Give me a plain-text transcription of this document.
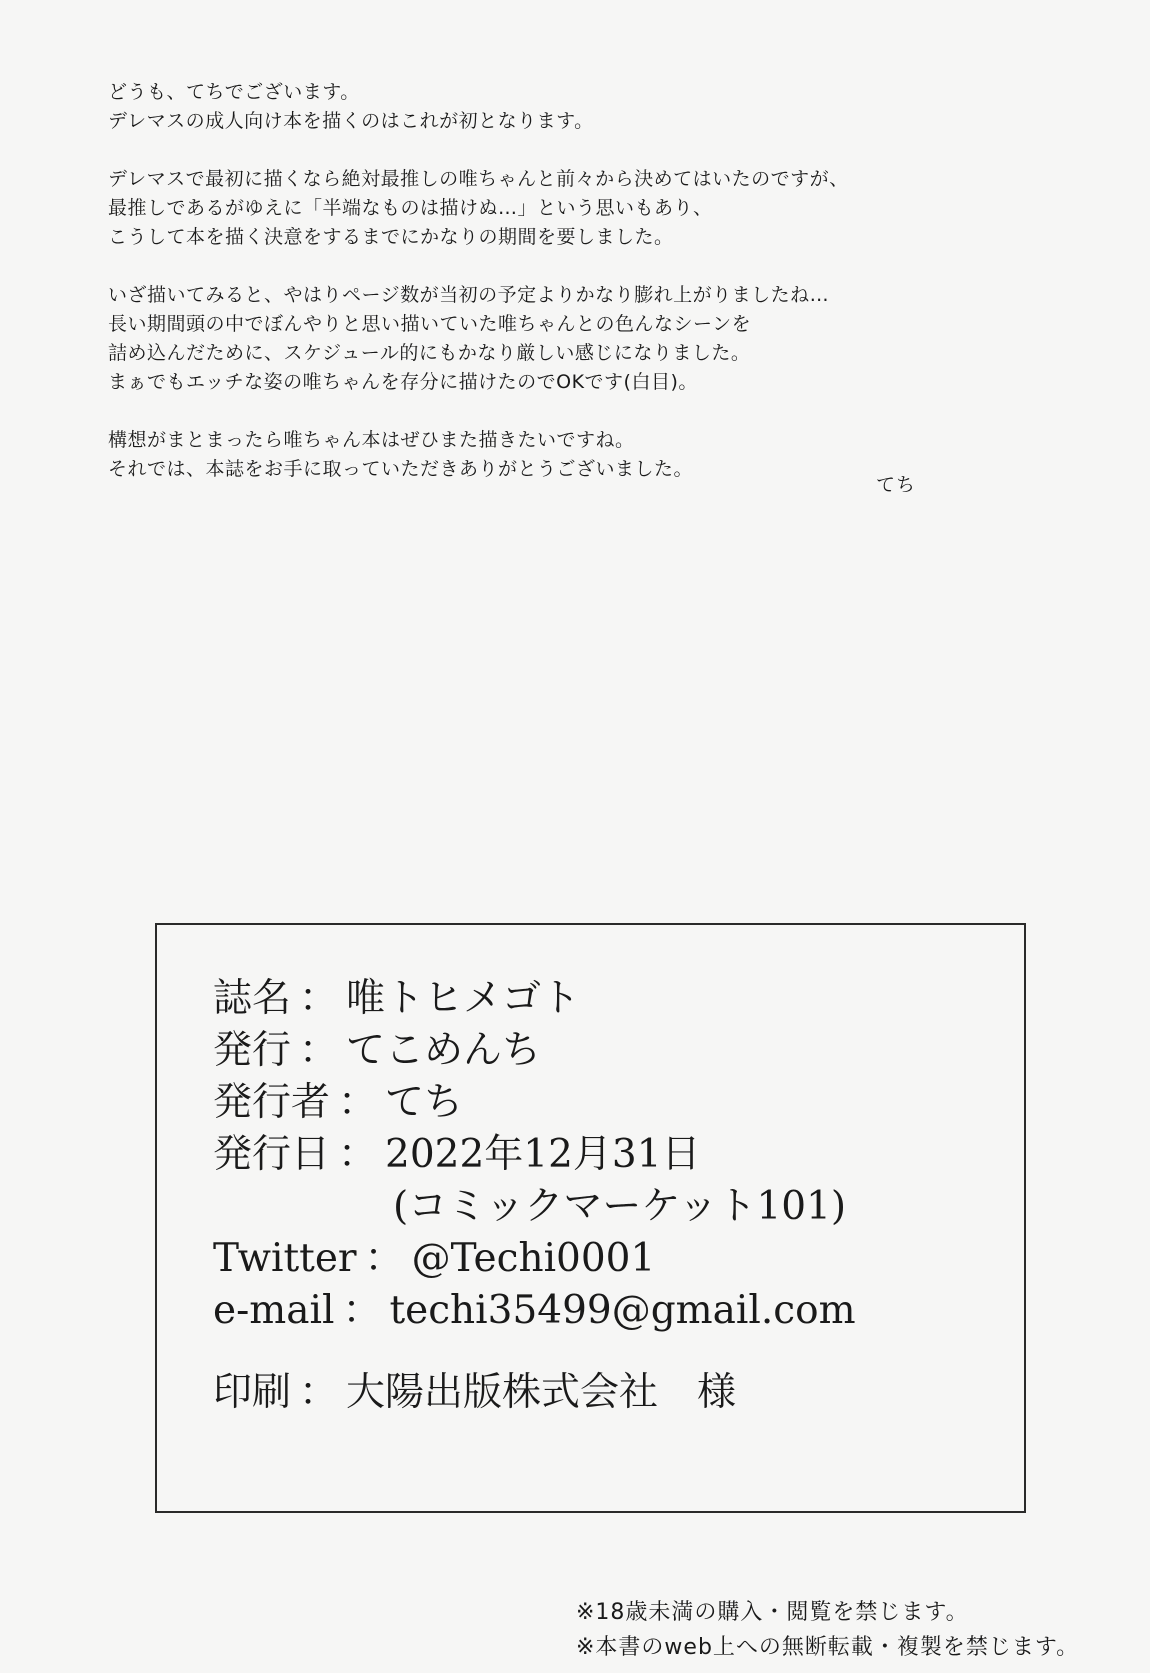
どうも、てちでございます。
デレマスの成人向け本を描くのはこれが初となります。

デレマスで最初に描くなら絶対最推しの唯ちゃんと前々から決めてはいたのですが、
最推しであるがゆえに「半端なものは描けぬ…」という思いもあり、
こうして本を描く決意をするまでにかなりの期間を要しました。

いざ描いてみると、やはりページ数が当初の予定よりかなり膨れ上がりましたね…
長い期間頭の中でぼんやりと思い描いていた唯ちゃんとの色んなシーンを
詰め込んだために、スケジュール的にもかなり厳しい感じになりました。
まぁでもエッチな姿の唯ちゃんを存分に描けたのでOKです(白目)。

構想がまとまったら唯ちゃん本はぜひまた描きたいですね。
それでは、本誌をお手に取っていただきありがとうございました。

てち
誌名 ： 唯トヒメゴト
発行 ： てこめんち
発行者 ： てち
発行日 ： 2022年12月31日
(コミックマーケット101)
Twitter ： @Techi0001
e-mail ： techi35499@gmail.com
印刷 ： 大陽出版株式会社　様
※18歳未満の購入・閲覧を禁じます。
※本書のweb上への無断転載・複製を禁じます。
